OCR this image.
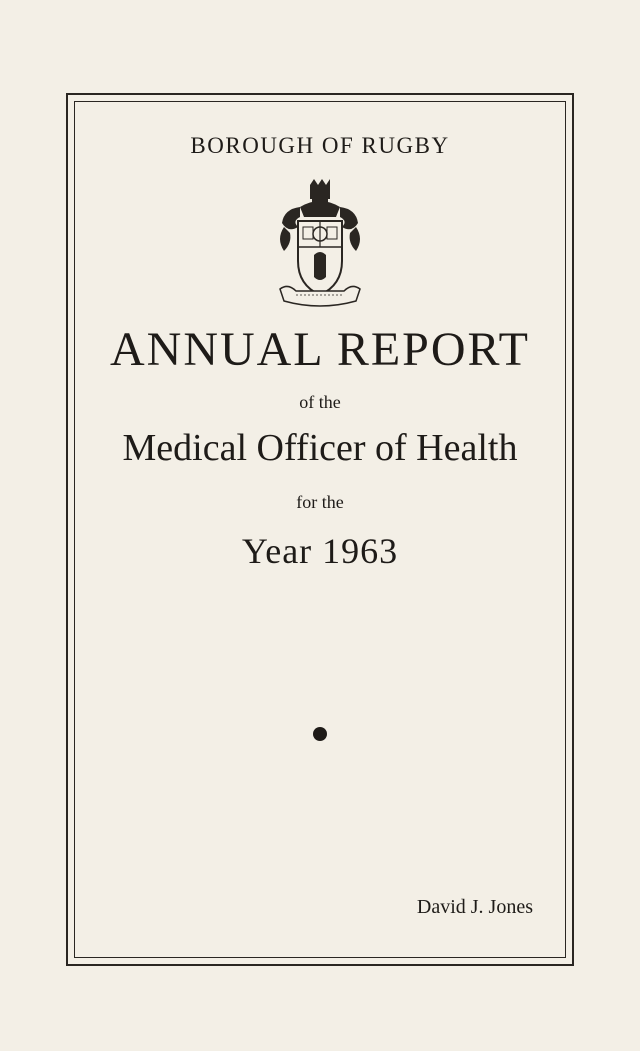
BOROUGH OF RUGBY
ANNUAL REPORT
of the
Medical Officer of Health
for the
Year 1963
David J. Jones
